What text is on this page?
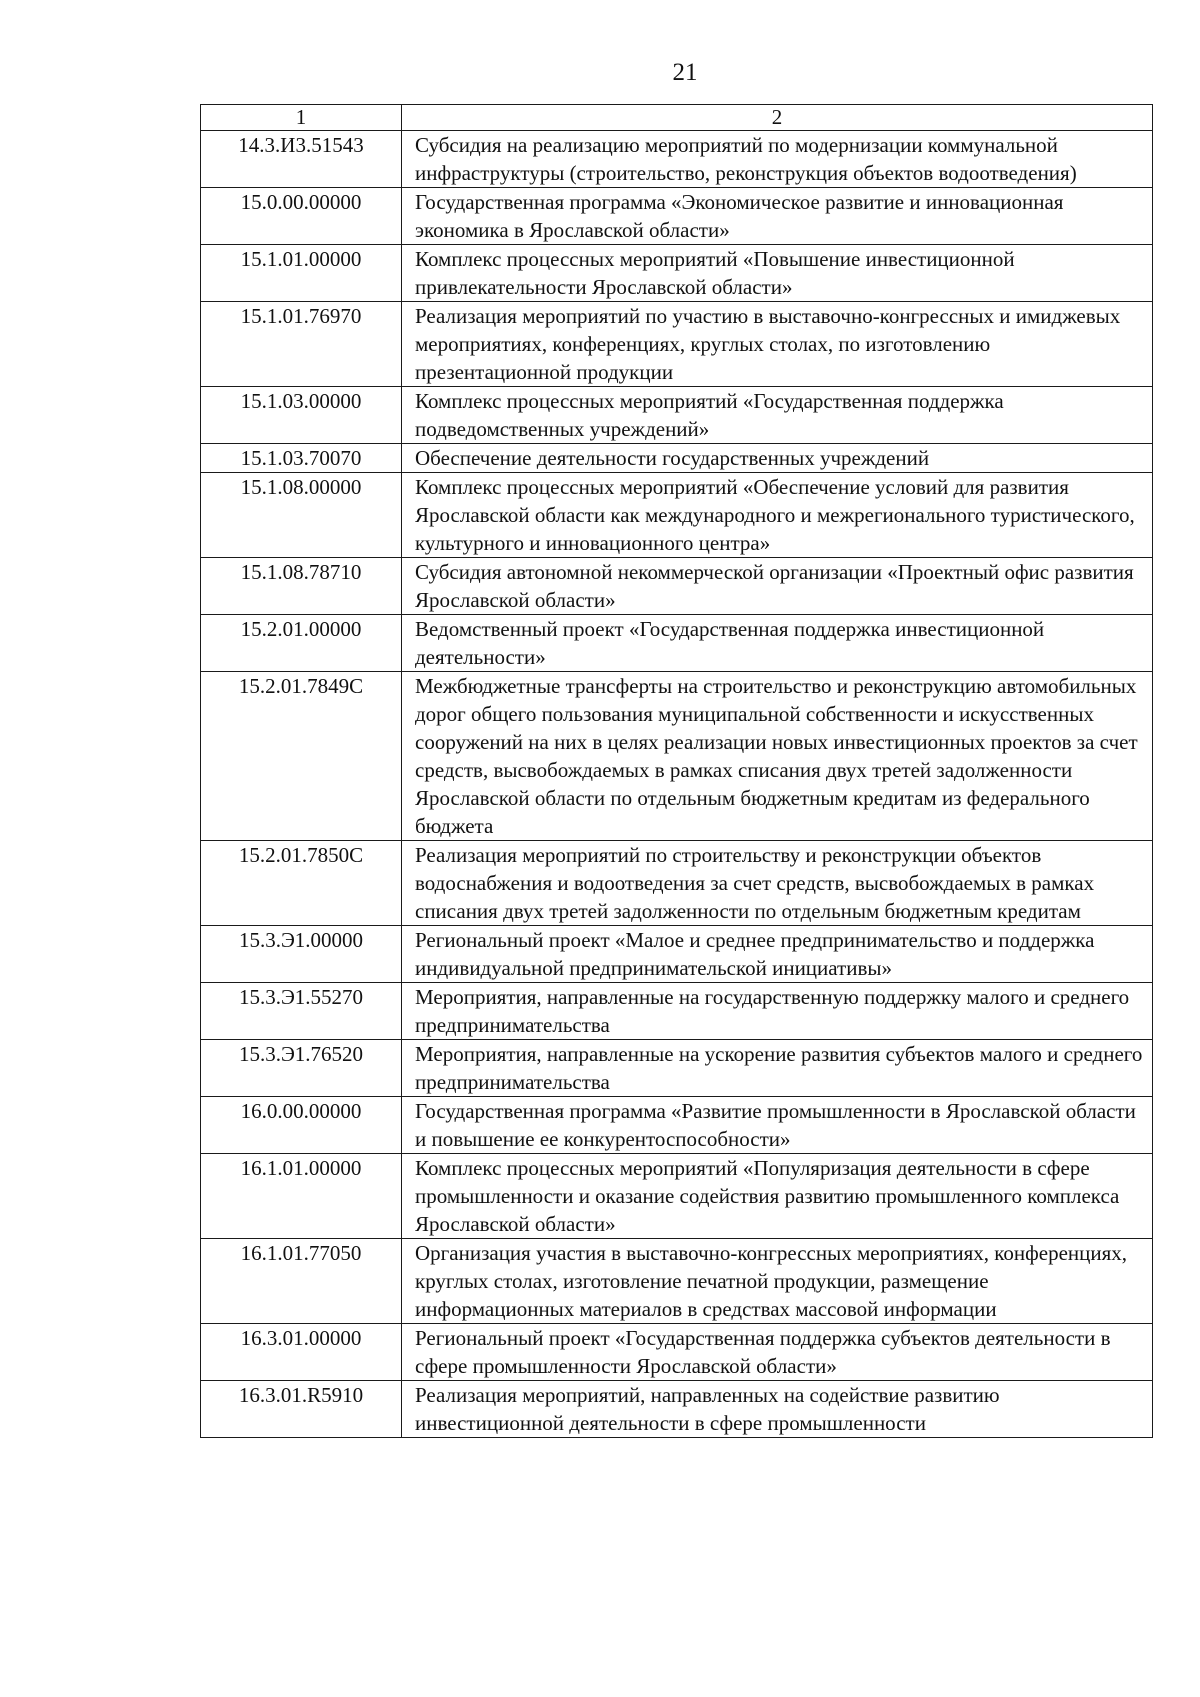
21
1	2
14.3.И3.51543	Субсидия на реализацию мероприятий по модернизации коммунальной инфраструктуры (строительство, реконструкция объектов водоотведения)
15.0.00.00000	Государственная программа «Экономическое развитие и инновационная экономика в Ярославской области»
15.1.01.00000	Комплекс процессных мероприятий «Повышение инвестиционной привлекательности Ярославской области»
15.1.01.76970	Реализация мероприятий по участию в выставочно-конгрессных и имиджевых мероприятиях, конференциях, круглых столах, по изготовлению презентационной продукции
15.1.03.00000	Комплекс процессных мероприятий «Государственная поддержка подведомственных учреждений»
15.1.03.70070	Обеспечение деятельности государственных учреждений
15.1.08.00000	Комплекс процессных мероприятий «Обеспечение условий для развития Ярославской области как международного и межрегионального туристического, культурного и инновационного центра»
15.1.08.78710	Субсидия автономной некоммерческой организации «Проектный офис развития Ярославской области»
15.2.01.00000	Ведомственный проект «Государственная поддержка инвестиционной деятельности»
15.2.01.7849С	Межбюджетные трансферты на строительство и реконструкцию автомобильных дорог общего пользования муниципальной собственности и искусственных сооружений на них в целях реализации новых инвестиционных проектов за счет средств, высвобождаемых в рамках списания двух третей задолженности Ярославской области по отдельным бюджетным кредитам из федерального бюджета
15.2.01.7850С	Реализация мероприятий по строительству и реконструкции объектов водоснабжения и водоотведения за счет средств, высвобождаемых в рамках списания двух третей задолженности по отдельным бюджетным кредитам
15.3.Э1.00000	Региональный проект «Малое и среднее предпринимательство и поддержка индивидуальной предпринимательской инициативы»
15.3.Э1.55270	Мероприятия, направленные на государственную поддержку малого и среднего предпринимательства
15.3.Э1.76520	Мероприятия, направленные на ускорение развития субъектов малого и среднего предпринимательства
16.0.00.00000	Государственная программа «Развитие промышленности в Ярославской области и повышение ее конкурентоспособности»
16.1.01.00000	Комплекс процессных мероприятий «Популяризация деятельности в сфере промышленности и оказание содействия развитию промышленного комплекса Ярославской области»
16.1.01.77050	Организация участия в выставочно-конгрессных мероприятиях, конференциях, круглых столах, изготовление печатной продукции, размещение информационных материалов в средствах массовой информации
16.3.01.00000	Региональный проект «Государственная поддержка субъектов деятельности в сфере промышленности Ярославской области»
16.3.01.R5910	Реализация мероприятий, направленных на содействие развитию инвестиционной деятельности в сфере промышленности
